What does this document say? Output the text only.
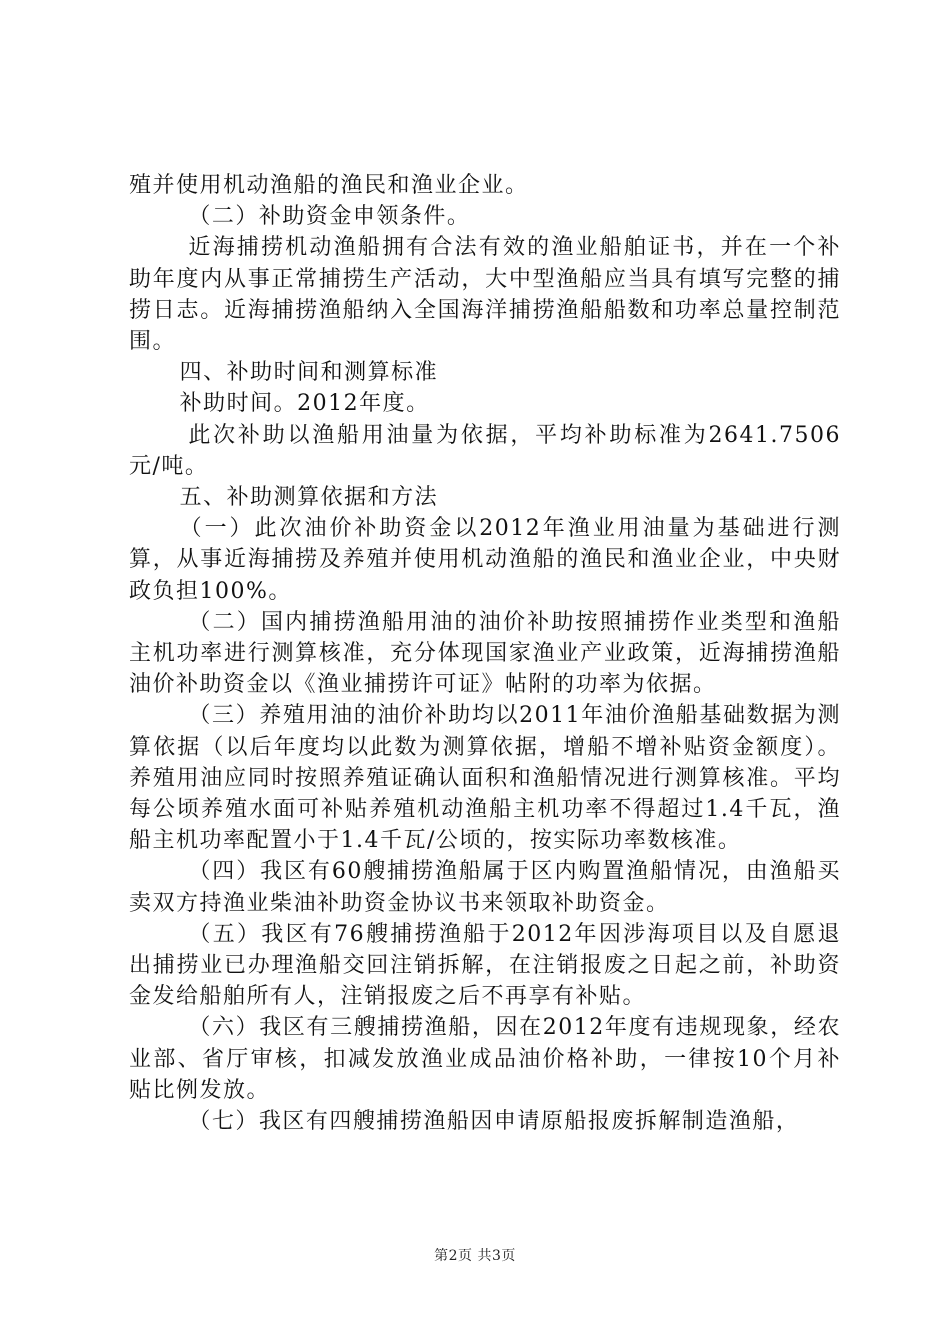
殖并使用机动渔船的渔民和渔业企业。

（二）补助资金申领条件。

近海捕捞机动渔船拥有合法有效的渔业船舶证书，并在一个补助年度内从事正常捕捞生产活动，大中型渔船应当具有填写完整的捕捞日志。近海捕捞渔船纳入全国海洋捕捞渔船船数和功率总量控制范围。

四、补助时间和测算标准

补助时间。2012年度。

此次补助以渔船用油量为依据，平均补助标准为2641.7506元/吨。

五、补助测算依据和方法

（一）此次油价补助资金以2012年渔业用油量为基础进行测算，从事近海捕捞及养殖并使用机动渔船的渔民和渔业企业，中央财政负担100%。

（二）国内捕捞渔船用油的油价补助按照捕捞作业类型和渔船主机功率进行测算核准，充分体现国家渔业产业政策，近海捕捞渔船油价补助资金以《渔业捕捞许可证》帖附的功率为依据。

（三）养殖用油的油价补助均以2011年油价渔船基础数据为测算依据（以后年度均以此数为测算依据，增船不增补贴资金额度）。养殖用油应同时按照养殖证确认面积和渔船情况进行测算核准。平均每公顷养殖水面可补贴养殖机动渔船主机功率不得超过1.4千瓦，渔船主机功率配置小于1.4千瓦/公顷的，按实际功率数核准。

（四）我区有60艘捕捞渔船属于区内购置渔船情况，由渔船买卖双方持渔业柴油补助资金协议书来领取补助资金。

（五）我区有76艘捕捞渔船于2012年因涉海项目以及自愿退出捕捞业已办理渔船交回注销拆解，在注销报废之日起之前，补助资金发给船舶所有人，注销报废之后不再享有补贴。

（六）我区有三艘捕捞渔船，因在2012年度有违规现象，经农业部、省厅审核，扣减发放渔业成品油价格补助，一律按10个月补贴比例发放。

（七）我区有四艘捕捞渔船因申请原船报废拆解制造渔船，

第2页 共3页
